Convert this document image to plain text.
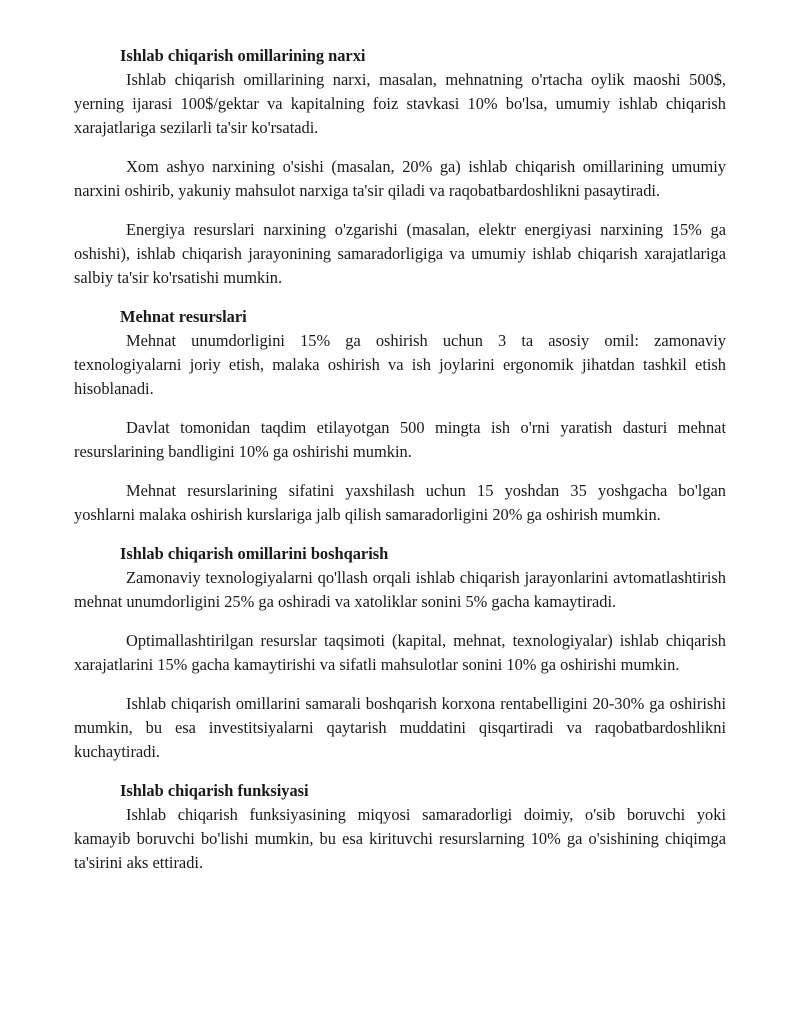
Ishlab chiqarish omillarining narxi

Ishlab chiqarish omillarining narxi, masalan, mehnatning o'rtacha oylik maoshi 500$, yerning ijarasi 100$/gektar va kapitalning foiz stavkasi 10% bo'lsa, umumiy ishlab chiqarish xarajatlariga sezilarli ta'sir ko'rsatadi.

Xom ashyo narxining o'sishi (masalan, 20% ga) ishlab chiqarish omillarining umumiy narxini oshirib, yakuniy mahsulot narxiga ta'sir qiladi va raqobatbardoshlikni pasaytiradi.

Energiya resurslari narxining o'zgarishi (masalan, elektr energiyasi narxining 15% ga oshishi), ishlab chiqarish jarayonining samaradorligiga va umumiy ishlab chiqarish xarajatlariga salbiy ta'sir ko'rsatishi mumkin.

Mehnat resurslari

Mehnat unumdorligini 15% ga oshirish uchun 3 ta asosiy omil: zamonaviy texnologiyalarni joriy etish, malaka oshirish va ish joylarini ergonomik jihatdan tashkil etish hisoblanadi.

Davlat tomonidan taqdim etilayotgan 500 mingta ish o'rni yaratish dasturi mehnat resurslarining bandligini 10% ga oshirishi mumkin.

Mehnat resurslarining sifatini yaxshilash uchun 15 yoshdan 35 yoshgacha bo'lgan yoshlarni malaka oshirish kurslariga jalb qilish samaradorligini 20% ga oshirish mumkin.

Ishlab chiqarish omillarini boshqarish

Zamonaviy texnologiyalarni qo'llash orqali ishlab chiqarish jarayonlarini avtomatlashtirish mehnat unumdorligini 25% ga oshiradi va xatoliklar sonini 5% gacha kamaytiradi.

Optimallashtirilgan resurslar taqsimoti (kapital, mehnat, texnologiyalar) ishlab chiqarish xarajatlarini 15% gacha kamaytirishi va sifatli mahsulotlar sonini 10% ga oshirishi mumkin.

Ishlab chiqarish omillarini samarali boshqarish korxona rentabelligini 20-30% ga oshirishi mumkin, bu esa investitsiyalarni qaytarish muddatini qisqartiradi va raqobatbardoshlikni kuchaytiradi.

Ishlab chiqarish funksiyasi

Ishlab chiqarish funksiyasining miqyosi samaradorligi doimiy, o'sib boruvchi yoki kamayib boruvchi bo'lishi mumkin, bu esa kirituvchi resurslarning 10% ga o'sishining chiqimga ta'sirini aks ettiradi.
